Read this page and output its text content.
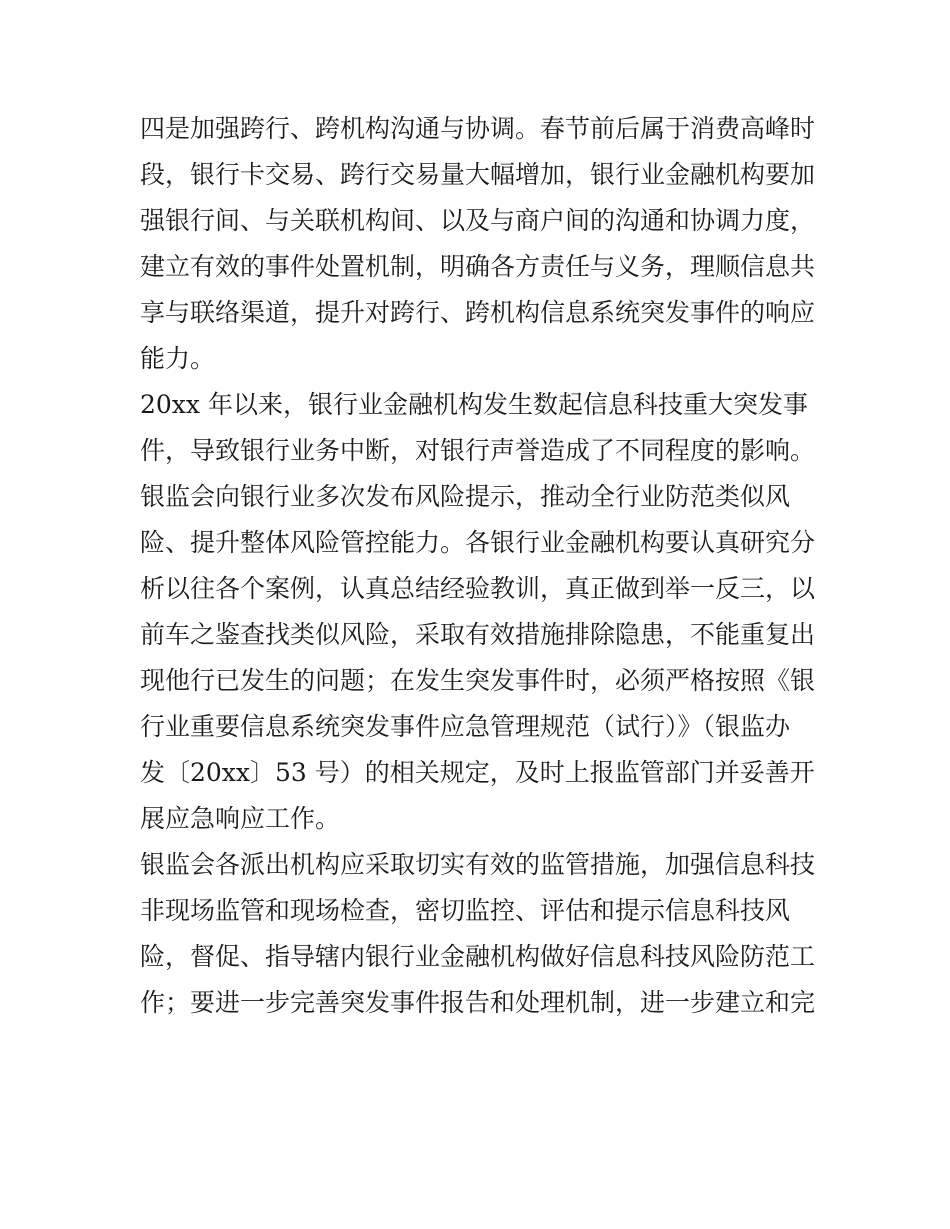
四是加强跨行、跨机构沟通与协调。春节前后属于消费高峰时
段，银行卡交易、跨行交易量大幅增加，银行业金融机构要加
强银行间、与关联机构间、以及与商户间的沟通和协调力度，
建立有效的事件处置机制，明确各方责任与义务，理顺信息共
享与联络渠道，提升对跨行、跨机构信息系统突发事件的响应
能力。
20xx 年以来，银行业金融机构发生数起信息科技重大突发事
件，导致银行业务中断，对银行声誉造成了不同程度的影响。
银监会向银行业多次发布风险提示，推动全行业防范类似风
险、提升整体风险管控能力。各银行业金融机构要认真研究分
析以往各个案例，认真总结经验教训，真正做到举一反三，以
前车之鉴查找类似风险，采取有效措施排除隐患，不能重复出
现他行已发生的问题；在发生突发事件时，必须严格按照《银
行业重要信息系统突发事件应急管理规范（试行）》（银监办
发〔20xx〕53 号）的相关规定，及时上报监管部门并妥善开
展应急响应工作。
银监会各派出机构应采取切实有效的监管措施，加强信息科技
非现场监管和现场检查，密切监控、评估和提示信息科技风
险，督促、指导辖内银行业金融机构做好信息科技风险防范工
作；要进一步完善突发事件报告和处理机制，进一步建立和完
